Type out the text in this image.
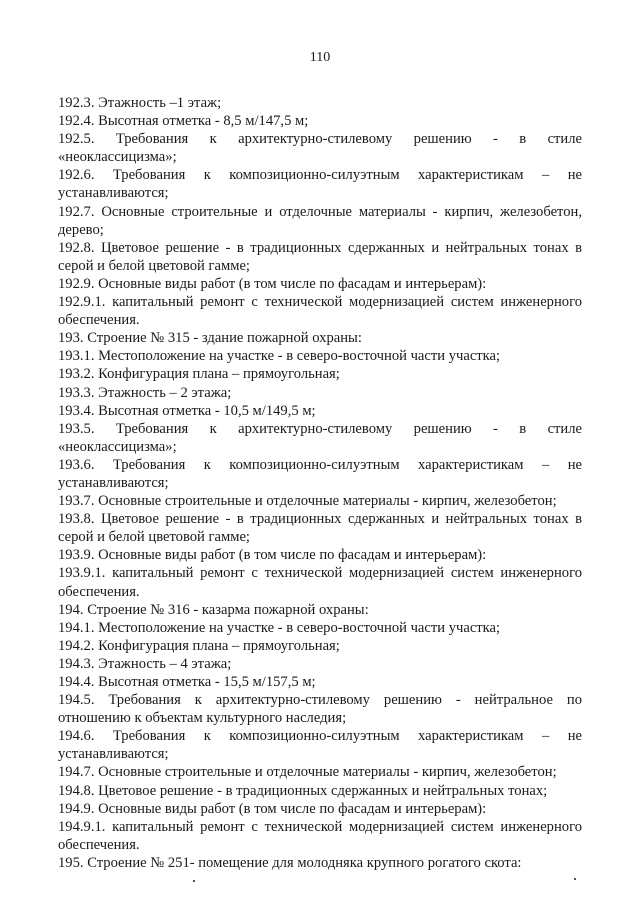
110
192.3. Этажность –1 этаж;
192.4. Высотная отметка - 8,5 м/147,5 м;
192.5. Требования к архитектурно-стилевому решению - в стиле
«неоклассицизма»;
192.6. Требования к композиционно-силуэтным характеристикам – не
устанавливаются;
192.7. Основные строительные и отделочные материалы - кирпич, железобетон,
дерево;
192.8. Цветовое решение - в традиционных сдержанных и нейтральных тонах в
серой и белой цветовой гамме;
192.9. Основные виды работ (в том числе по фасадам и интерьерам):
192.9.1. капитальный ремонт с технической модернизацией систем инженерного
обеспечения.
193. Строение № 315 - здание пожарной охраны:
193.1. Местоположение на участке - в северо-восточной части участка;
193.2. Конфигурация плана – прямоугольная;
193.3. Этажность – 2 этажа;
193.4. Высотная отметка - 10,5 м/149,5 м;
193.5. Требования к архитектурно-стилевому решению - в стиле
«неоклассицизма»;
193.6. Требования к композиционно-силуэтным характеристикам – не
устанавливаются;
193.7. Основные строительные и отделочные материалы - кирпич, железобетон;
193.8. Цветовое решение - в традиционных сдержанных и нейтральных тонах в
серой и белой цветовой гамме;
193.9. Основные виды работ (в том числе по фасадам и интерьерам):
193.9.1. капитальный ремонт с технической модернизацией систем инженерного
обеспечения.
194. Строение № 316 - казарма пожарной охраны:
194.1. Местоположение на участке - в северо-восточной части участка;
194.2. Конфигурация плана – прямоугольная;
194.3. Этажность – 4 этажа;
194.4. Высотная отметка - 15,5 м/157,5 м;
194.5. Требования к архитектурно-стилевому решению - нейтральное по
отношению к объектам культурного наследия;
194.6. Требования к композиционно-силуэтным характеристикам – не
устанавливаются;
194.7. Основные строительные и отделочные материалы - кирпич, железобетон;
194.8. Цветовое решение - в традиционных сдержанных и нейтральных тонах;
194.9. Основные виды работ (в том числе по фасадам и интерьерам):
194.9.1. капитальный ремонт с технической модернизацией систем инженерного
обеспечения.
195. Строение № 251- помещение для молодняка крупного рогатого скота:
